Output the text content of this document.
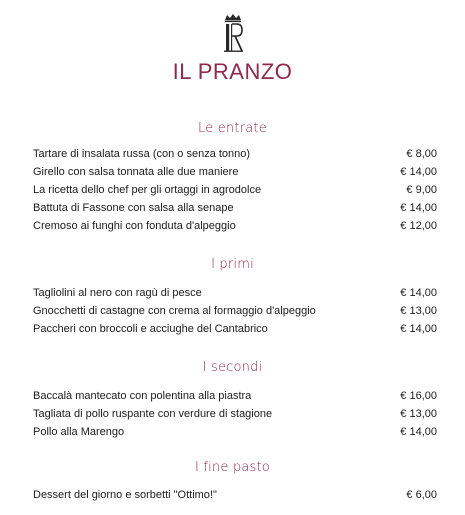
IL PRANZO
Le entrate
Tartare di insalata russa (con o senza tonno)	€ 8,00
Girello con salsa tonnata alle due maniere	€ 14,00
La ricetta dello chef per gli ortaggi in agrodolce	€ 9,00
Battuta di Fassone con salsa alla senape	€ 14,00
Cremoso ai funghi con fonduta d'alpeggio	€ 12,00
I primi
Tagliolini al nero con ragù di pesce	€ 14,00
Gnocchetti di castagne con crema al formaggio d'alpeggio	€ 13,00
Paccheri con broccoli e acciughe del Cantabrico	€ 14,00
I secondi
Baccalà mantecato con polentina alla piastra	€ 16,00
Tagliata di pollo ruspante con verdure di stagione	€ 13,00
Pollo alla Marengo	€ 14,00
I fine pasto
Dessert del giorno e sorbetti "Ottimo!"	€ 6,00
